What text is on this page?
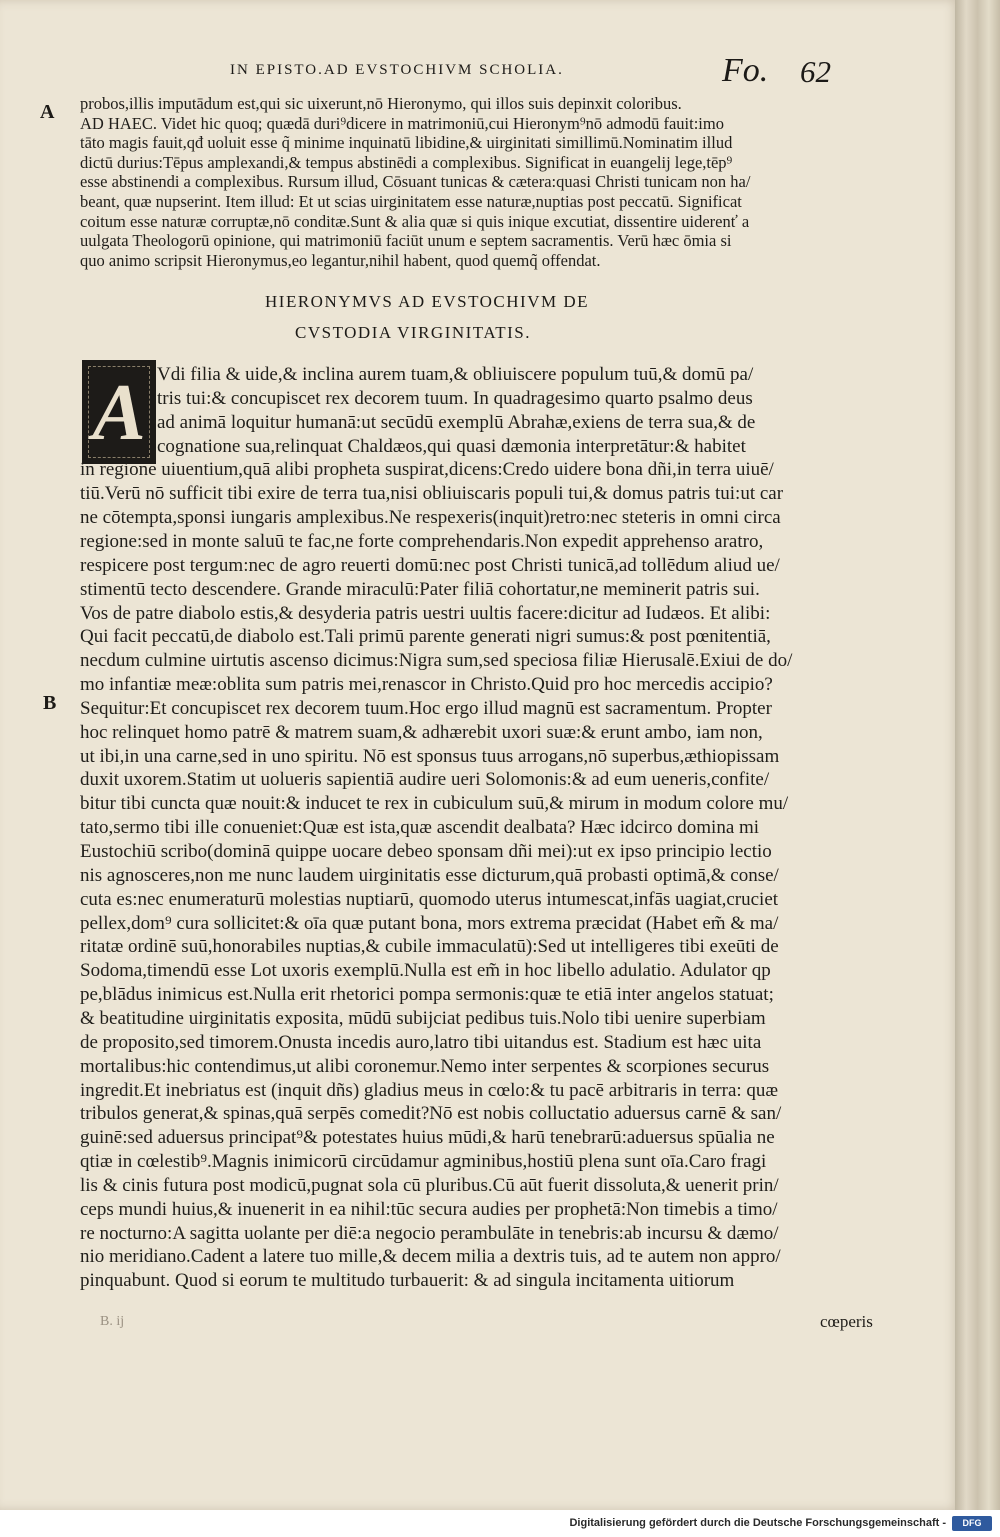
IN EPISTO.AD EVSTOCHIVM SCHOLIA.	Fo. 62
A
B
probos,illis imputādum est,qui sic uixerunt,nō Hieronymo, qui illos suis depinxit coloribus.
AD HAEC. Videt hic quoq; quædā duri⁹dicere in matrimoniū,cui Hieronym⁹nō admodū fauit:imo
tāto magis fauit,qđ uoluit esse q̃ minime inquinatū libidine,& uirginitati simillimū.Nominatim illud
dictū durius:Tēpus amplexandi,& tempus abstinēdi a complexibus. Significat in euangelij lege,tēp⁹
esse abstinendi a complexibus. Rursum illud, Cōsuant tunicas & cætera:quasi Christi tunicam non ha/
beant, quæ nupserint. Item illud: Et ut scias uirginitatem esse naturæ,nuptias post peccatū. Significat
coitum esse naturæ corruptæ,nō conditæ.Sunt & alia quæ si quis inique excutiat, dissentire uiderenť a
uulgata Theologorū opinione, qui matrimoniū faciūt unum e septem sacramentis. Verū hæc ōmia si
quo animo scripsit Hieronymus,eo legantur,nihil habent, quod quemq̃ offendat.
HIERONYMVS AD EVSTOCHIVM DE
CVSTODIA VIRGINITATIS.
A Vdi filia & uide,& inclina aurem tuam,& obliuiscere populum tuū,& domū pa/
tris tui:& concupiscet rex decorem tuum. In quadragesimo quarto psalmo deus
ad animā loquitur humanā:ut secūdū exemplū Abrahæ,exiens de terra sua,& de
cognatione sua,relinquat Chaldæos,qui quasi dæmonia interpretātur:& habitet
in regione uiuentium,quā alibi propheta suspirat,dicens:Credo uidere bona dñi,in terra uiuē/
tiū.Verū nō sufficit tibi exire de terra tua,nisi obliuiscaris populi tui,& domus patris tui:ut car
ne cōtempta,sponsi iungaris amplexibus.Ne respexeris(inquit)retro:nec steteris in omni circa
regione:sed in monte saluū te fac,ne forte comprehendaris.Non expedit apprehenso aratro,
respicere post tergum:nec de agro reuerti domū:nec post Christi tunicā,ad tollēdum aliud ue/
stimentū tecto descendere. Grande miraculū:Pater filiā cohortatur,ne meminerit patris sui.
Vos de patre diabolo estis,& desyderia patris uestri uultis facere:dicitur ad Iudæos. Et alibi:
Qui facit peccatū,de diabolo est.Tali primū parente generati nigri sumus:& post pœnitentiā,
necdum culmine uirtutis ascenso dicimus:Nigra sum,sed speciosa filiæ Hierusalē.Exiui de do/
mo infantiæ meæ:oblita sum patris mei,renascor in Christo.Quid pro hoc mercedis accipio?
Sequitur:Et concupiscet rex decorem tuum.Hoc ergo illud magnū est sacramentum. Propter
hoc relinquet homo patrē & matrem suam,& adhærebit uxori suæ:& erunt ambo, iam non,
ut ibi,in una carne,sed in uno spiritu. Nō est sponsus tuus arrogans,nō superbus,æthiopissam
duxit uxorem.Statim ut uolueris sapientiā audire ueri Solomonis:& ad eum ueneris,confite/
bitur tibi cuncta quæ nouit:& inducet te rex in cubiculum suū,& mirum in modum colore mu/
tato,sermo tibi ille conueniet:Quæ est ista,quæ ascendit dealbata? Hæc idcirco domina mi
Eustochiū scribo(dominā quippe uocare debeo sponsam dñi mei):ut ex ipso principio lectio
nis agnosceres,non me nunc laudem uirginitatis esse dicturum,quā probasti optimā,& conse/
cuta es:nec enumeraturū molestias nuptiarū, quomodo uterus intumescat,infās uagiat,cruciet
pellex,dom⁹ cura sollicitet:& oīa quæ putant bona, mors extrema præcidat (Habet em̃ & ma/
ritatæ ordinē suū,honorabiles nuptias,& cubile immaculatū):Sed ut intelligeres tibi exeūti de
Sodoma,timendū esse Lot uxoris exemplū.Nulla est em̃ in hoc libello adulatio. Adulator qp
pe,blādus inimicus est.Nulla erit rhetorici pompa sermonis:quæ te etiā inter angelos statuat;
& beatitudine uirginitatis exposita, mūdū subijciat pedibus tuis.Nolo tibi uenire superbiam
de proposito,sed timorem.Onusta incedis auro,latro tibi uitandus est. Stadium est hæc uita
mortalibus:hic contendimus,ut alibi coronemur.Nemo inter serpentes & scorpiones securus
ingredit.Et inebriatus est (inquit dñs) gladius meus in cœlo:& tu pacē arbitraris in terra: quæ
tribulos generat,& spinas,quā serpēs comedit?Nō est nobis colluctatio aduersus carnē & san/
guinē:sed aduersus principat⁹& potestates huius mūdi,& harū tenebrarū:aduersus spūalia ne
qtiæ in cœlestib⁹.Magnis inimicorū circūdamur agminibus,hostiū plena sunt oīa.Caro fragi
lis & cinis futura post modicū,pugnat sola cū pluribus.Cū aūt fuerit dissoluta,& uenerit prin/
ceps mundi huius,& inuenerit in ea nihil:tūc secura audies per prophetā:Non timebis a timo/
re nocturno:A sagitta uolante per diē:a negocio perambulāte in tenebris:ab incursu & dæmo/
nio meridiano.Cadent a latere tuo mille,& decem milia a dextris tuis, ad te autem non appro/
pinquabunt. Quod si eorum te multitudo turbauerit: & ad singula incitamenta uitiorum
B. ij	cœperis
Digitalisierung gefördert durch die Deutsche Forschungsgemeinschaft -	DFG
